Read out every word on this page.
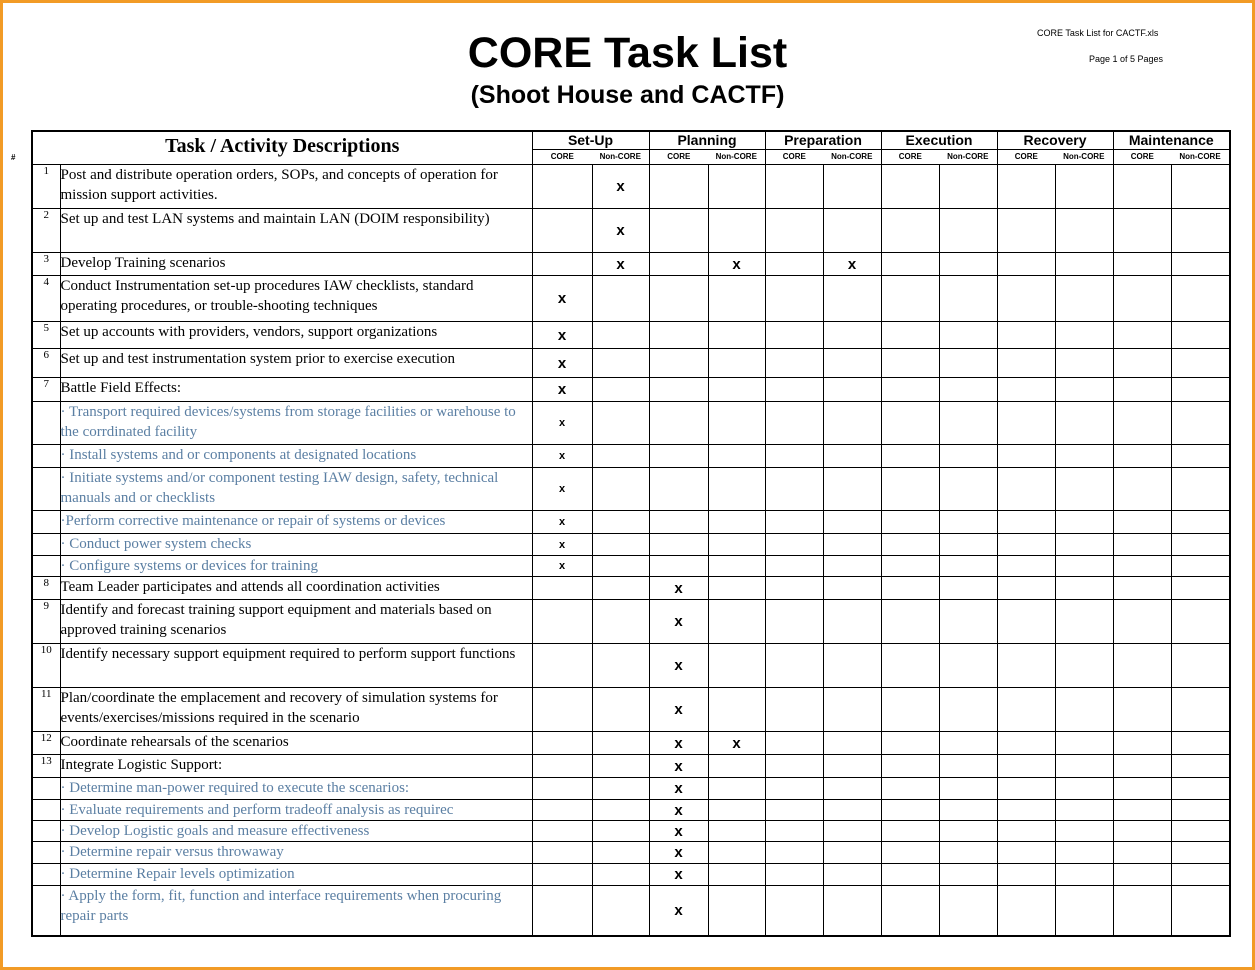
CORE Task List for CACTF.xls
Page 1 of 5 Pages
CORE Task List
(Shoot House and CACTF)
#
Task / Activity Descriptions		Set-Up		Planning		Preparation		Execution		Recovery		Maintenance	
		CORE	Non-CORE	CORE	Non-CORE	CORE	Non-CORE	CORE	Non-CORE	CORE	Non-CORE	CORE	Non-CORE
1	Post and distribute operation orders, SOPs, and concepts of operation for mission support activities.		x										
2	Set up and test LAN systems and maintain LAN (DOIM responsibility)		x										
3	Develop Training scenarios		x		x		x						
4	Conduct Instrumentation set-up procedures IAW checklists, standard operating procedures, or trouble-shooting techniques	x											
5	Set up accounts with providers, vendors, support organizations	x											
6	Set up and test instrumentation system prior to exercise execution	x											
7	Battle Field Effects:	x											
	· Transport required devices/systems from storage facilities or warehouse to the corrdinated facility	x											
	· Install systems and or components at designated locations	x											
	· Initiate systems and/or component testing IAW design, safety, technical manuals and or checklists	x											
	·Perform corrective maintenance or repair of systems or devices	x											
	· Conduct power system checks	x											
	· Configure systems or devices for training	x											
8	Team Leader participates and attends all coordination activities			x									
9	Identify and forecast training support equipment and materials based on approved training scenarios			x									
10	Identify necessary support equipment required to perform support functions			x									
11	Plan/coordinate the emplacement and recovery of simulation systems for events/exercises/missions required in the scenario			x									
12	Coordinate rehearsals of the scenarios			x	x								
13	Integrate Logistic Support:			x									
	· Determine man-power required to execute the scenarios:			x									
	· Evaluate requirements and perform tradeoff analysis as requirec			x									
	· Develop Logistic goals and measure effectiveness			x									
	· Determine repair versus throwaway			x									
	· Determine Repair levels optimization			x									
	· Apply the form, fit, function and interface requirements when procuring repair parts			x									
